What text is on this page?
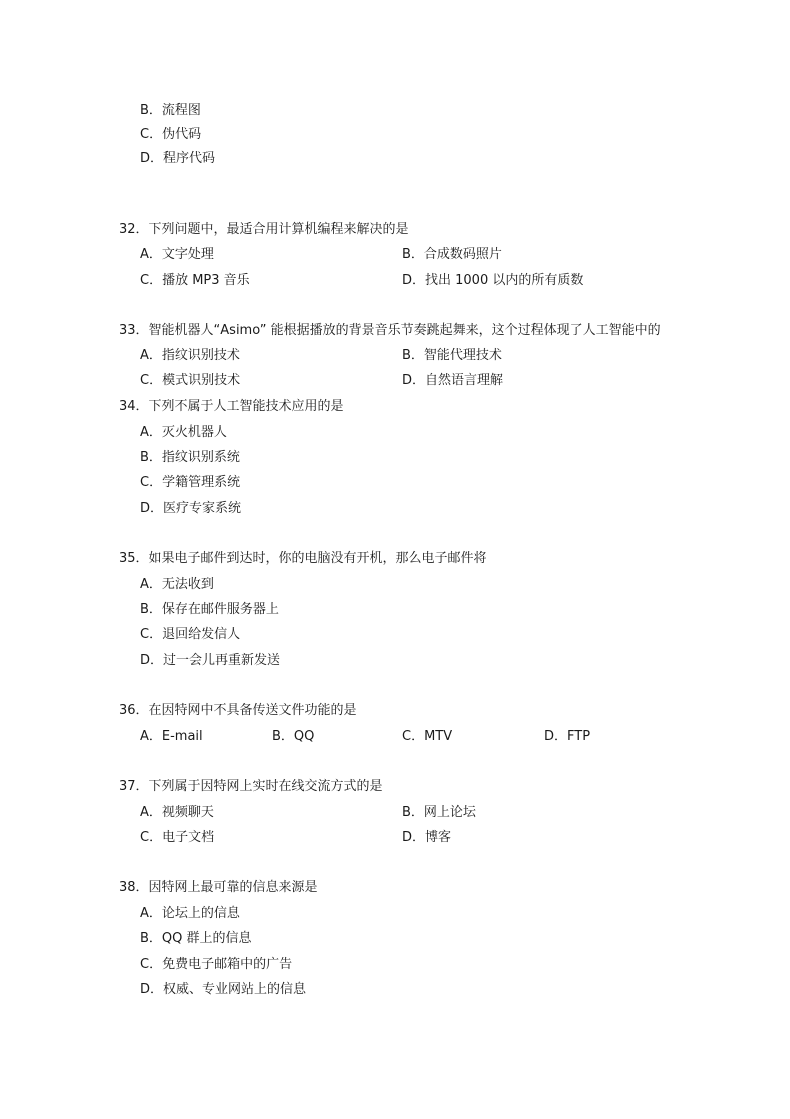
B．流程图
C．伪代码
D．程序代码
32．下列问题中，最适合用计算机编程来解决的是
A．文字处理	B．合成数码照片
C．播放 MP3 音乐	D．找出 1000 以内的所有质数
33．智能机器人“Asimo” 能根据播放的背景音乐节奏跳起舞来，这个过程体现了人工智能中的
A．指纹识别技术	B．智能代理技术
C．模式识别技术	D．自然语言理解
34．下列不属于人工智能技术应用的是
A．灭火机器人
B．指纹识别系统
C．学籍管理系统
D．医疗专家系统
35．如果电子邮件到达时，你的电脑没有开机，那么电子邮件将
A．无法收到
B．保存在邮件服务器上
C．退回给发信人
D．过一会儿再重新发送
36．在因特网中不具备传送文件功能的是
A．E-mail	B．QQ	C．MTV	D．FTP
37．下列属于因特网上实时在线交流方式的是
A．视频聊天	B．网上论坛
C．电子文档	D．博客
38．因特网上最可靠的信息来源是
A．论坛上的信息
B．QQ 群上的信息
C．免费电子邮箱中的广告
D．权威、专业网站上的信息
